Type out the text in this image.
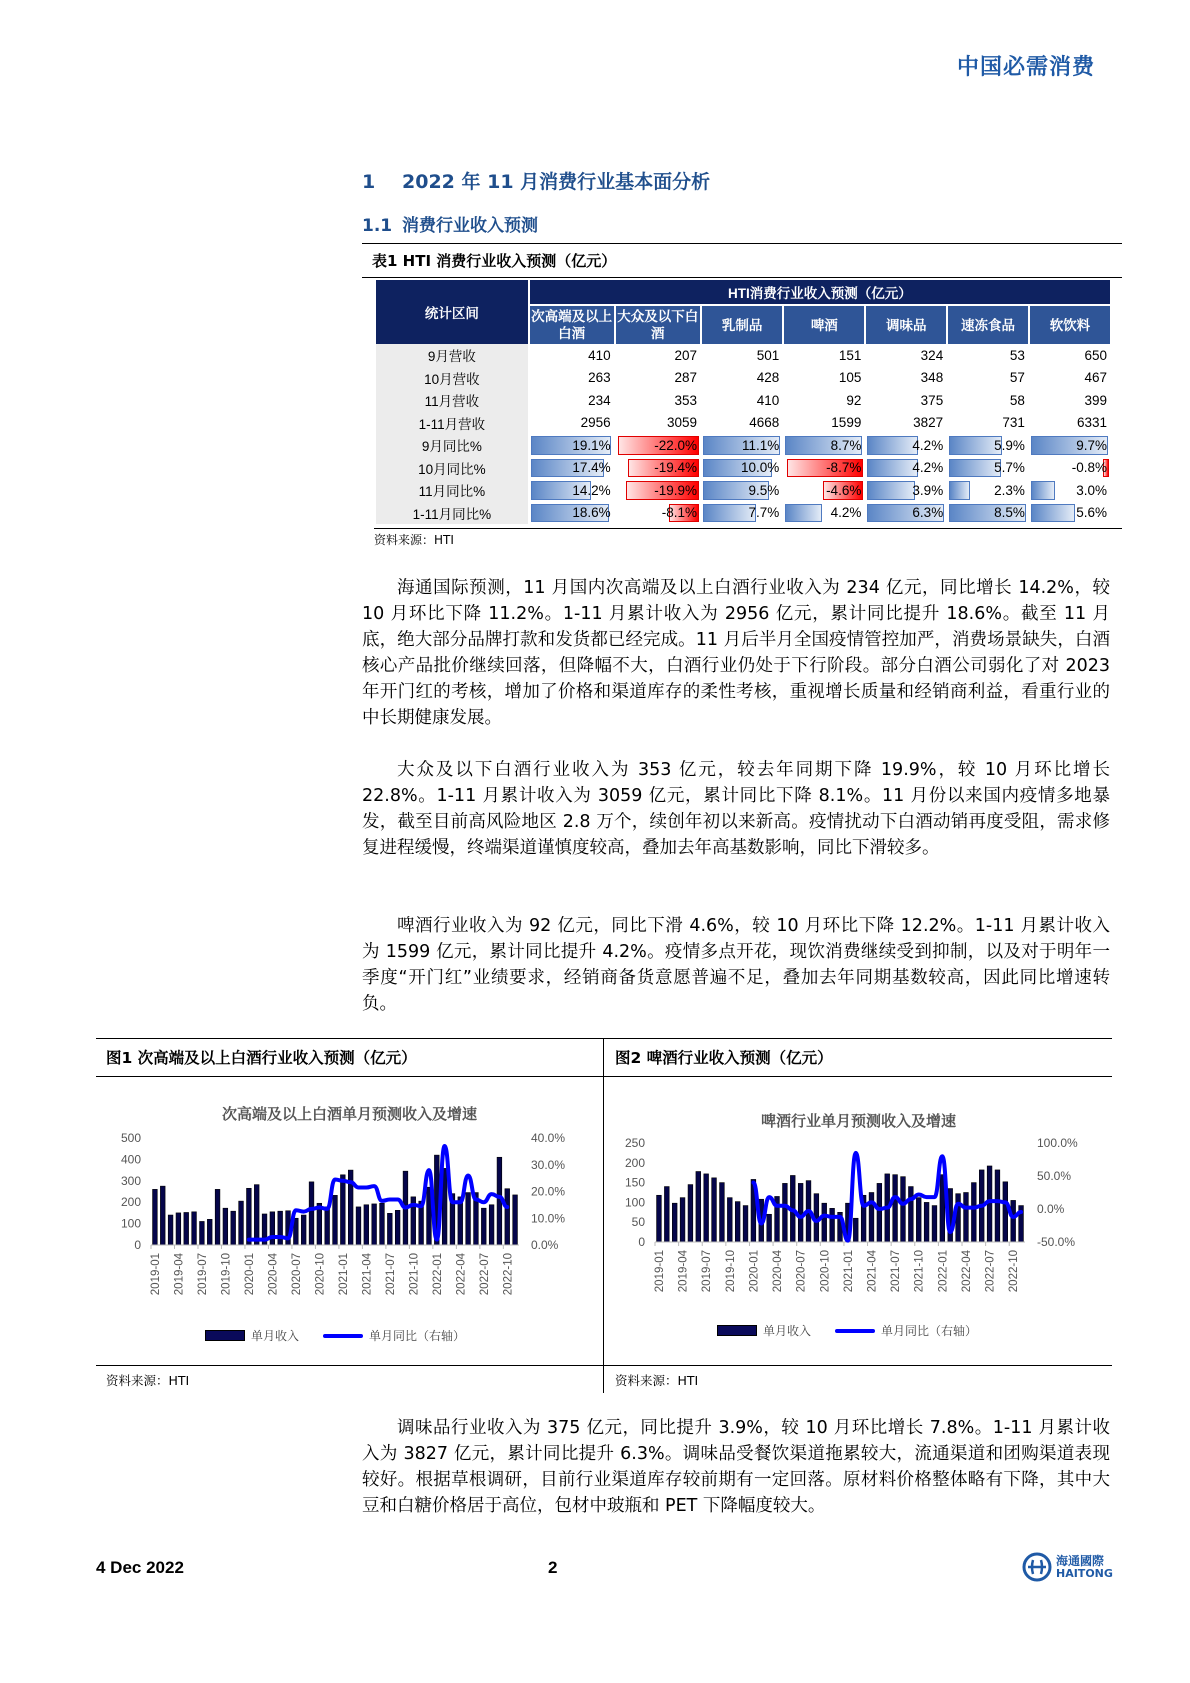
中国必需消费
1 2022 年 11 月消费行业基本面分析
1.1 消费行业收入预测
表1 HTI 消费行业收入预测（亿元）
统计区间	HTI消费行业收入预测（亿元）						
	次高端及以上白酒	大众及以下白酒	乳制品	啤酒	调味品	速冻食品	软饮料
9月营收	410	207	501	151	324	53	650
10月营收	263	287	428	105	348	57	467
11月营收	234	353	410	92	375	58	399
1-11月营收	2956	3059	4668	1599	3827	731	6331
9月同比%	19.1%	-22.0%	11.1%	8.7%	4.2%	5.9%	9.7%
10月同比%	17.4%	-19.4%	10.0%	-8.7%	4.2%	5.7%	-0.8%
11月同比%	14.2%	-19.9%	9.5%	-4.6%	3.9%	2.3%	3.0%
1-11月同比%	18.6%	-8.1%	7.7%	4.2%	6.3%	8.5%	5.6%
资料来源：HTI

海通国际预测，11 月国内次高端及以上白酒行业收入为 234 亿元，同比增长 14.2%，较 10 月环比下降 11.2%。1-11 月累计收入为 2956 亿元，累计同比提升 18.6%。截至 11 月底，绝大部分品牌打款和发货都已经完成。11 月后半月全国疫情管控加严，消费场景缺失，白酒核心产品批价继续回落，但降幅不大，白酒行业仍处于下行阶段。部分白酒公司弱化了对 2023 年开门红的考核，增加了价格和渠道库存的柔性考核，重视增长质量和经销商利益，看重行业的中长期健康发展。

大众及以下白酒行业收入为 353 亿元，较去年同期下降 19.9%，较 10 月环比增长 22.8%。1-11 月累计收入为 3059 亿元，累计同比下降 8.1%。11 月份以来国内疫情多地暴发，截至目前高风险地区 2.8 万个，续创年初以来新高。疫情扰动下白酒动销再度受阻，需求修复进程缓慢，终端渠道谨慎度较高，叠加去年高基数影响，同比下滑较多。

啤酒行业收入为 92 亿元，同比下滑 4.6%，较 10 月环比下降 12.2%。1-11 月累计收入为 1599 亿元，累计同比提升 4.2%。疫情多点开花，现饮消费继续受到抑制，以及对于明年一季度“开门红”业绩要求，经销商备货意愿普遍不足，叠加去年同期基数较高，因此同比增速转负。

调味品行业收入为 375 亿元，同比提升 3.9%，较 10 月环比增长 7.8%。1-11 月累计收入为 3827 亿元，累计同比提升 6.3%。调味品受餐饮渠道拖累较大，流通渠道和团购渠道表现较好。根据草根调研，目前行业渠道库存较前期有一定回落。原材料价格整体略有下降，其中大豆和白糖价格居于高位，包材中玻瓶和 PET 下降幅度较大。

图1 次高端及以上白酒行业收入预测（亿元）	图2 啤酒行业收入预测（亿元）
次高端及以上白酒单月预测收入及增速	啤酒行业单月预测收入及增速
0
100
200
300
400
500
0.0%
10.0%
20.0%
30.0%
40.0%
2019-01 2019-04 2019-07 2019-10 2020-01 2020-04 2020-07 2020-10 2021-01 2021-04 2021-07 2021-10 2022-01 2022-04 2022-07 2022-10
0
50
100
150
200
250
-50.0%
0.0%
50.0%
100.0%
2019-01 2019-04 2019-07 2019-10 2020-01 2020-04 2020-07 2020-10 2021-01 2021-04 2021-07 2021-10 2022-01 2022-04 2022-07 2022-10
单月收入	单月同比（右轴）	单月收入	单月同比（右轴）
资料来源：HTI	资料来源：HTI
4 Dec 2022	2	海通國際
HAITONG
